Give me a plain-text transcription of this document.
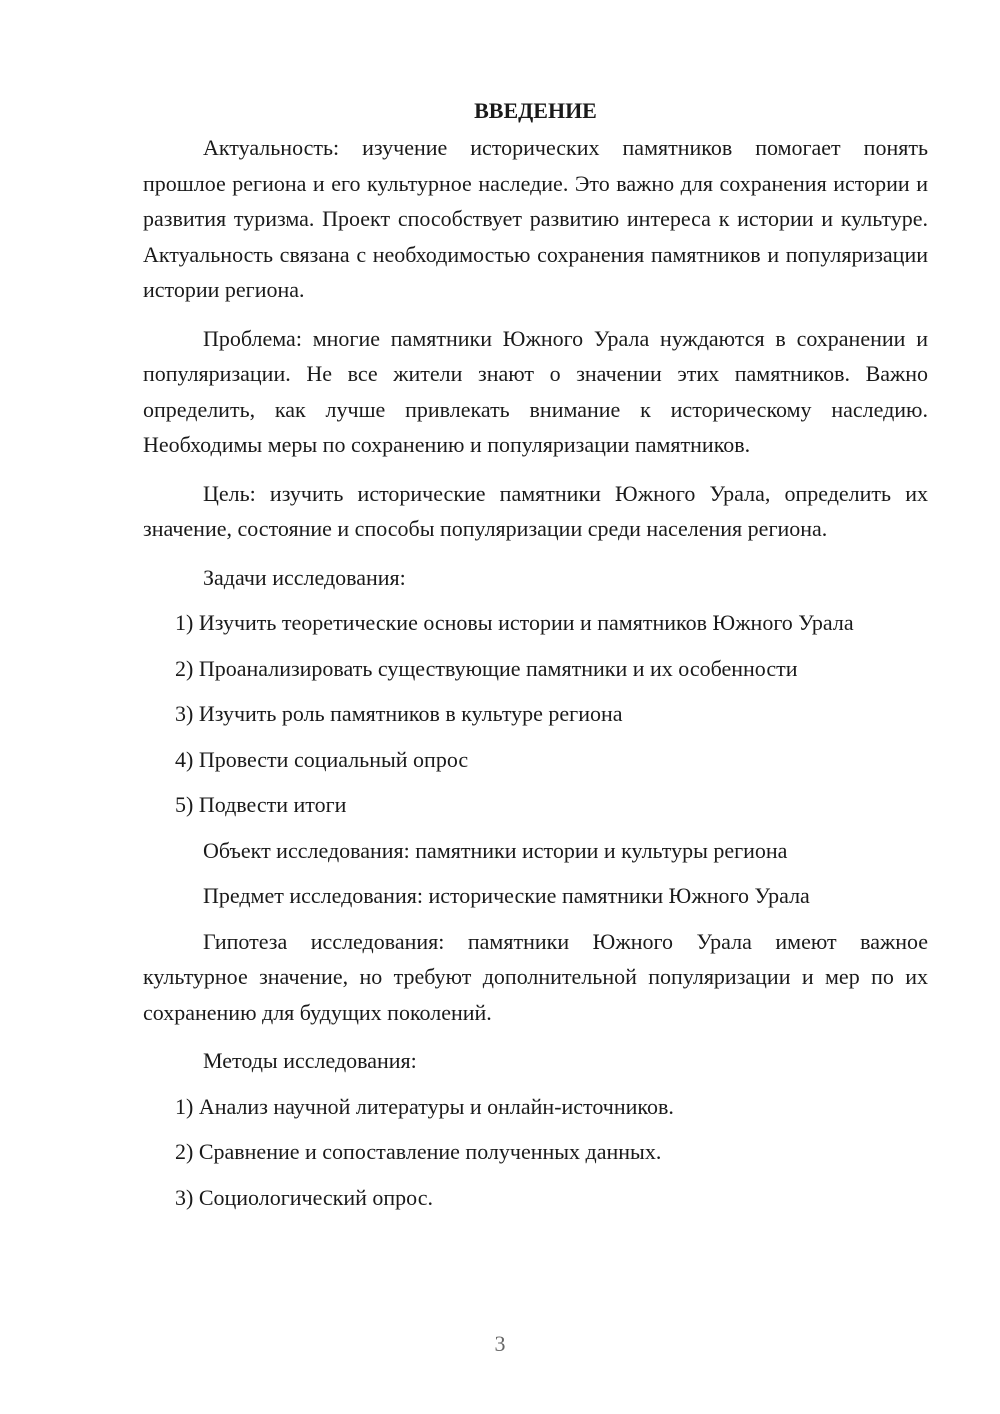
ВВЕДЕНИЕ

Актуальность: изучение исторических памятников помогает понять прошлое региона и его культурное наследие. Это важно для сохранения истории и развития туризма. Проект способствует развитию интереса к истории и культуре. Актуальность связана с необходимостью сохранения памятников и популяризации истории региона.

Проблема: многие памятники Южного Урала нуждаются в сохранении и популяризации. Не все жители знают о значении этих памятников. Важно определить, как лучше привлекать внимание к историческому наследию. Необходимы меры по сохранению и популяризации памятников.

Цель: изучить исторические памятники Южного Урала, определить их значение, состояние и способы популяризации среди населения региона.

Задачи исследования:

1) Изучить теоретические основы истории и памятников Южного Урала

2) Проанализировать существующие памятники и их особенности

3) Изучить роль памятников в культуре региона

4) Провести социальный опрос

5) Подвести итоги

Объект исследования: памятники истории и культуры региона

Предмет исследования: исторические памятники Южного Урала

Гипотеза исследования: памятники Южного Урала имеют важное культурное значение, но требуют дополнительной популяризации и мер по их сохранению для будущих поколений.

Методы исследования:

1) Анализ научной литературы и онлайн-источников.

2) Сравнение и сопоставление полученных данных.

3) Социологический опрос.

3
